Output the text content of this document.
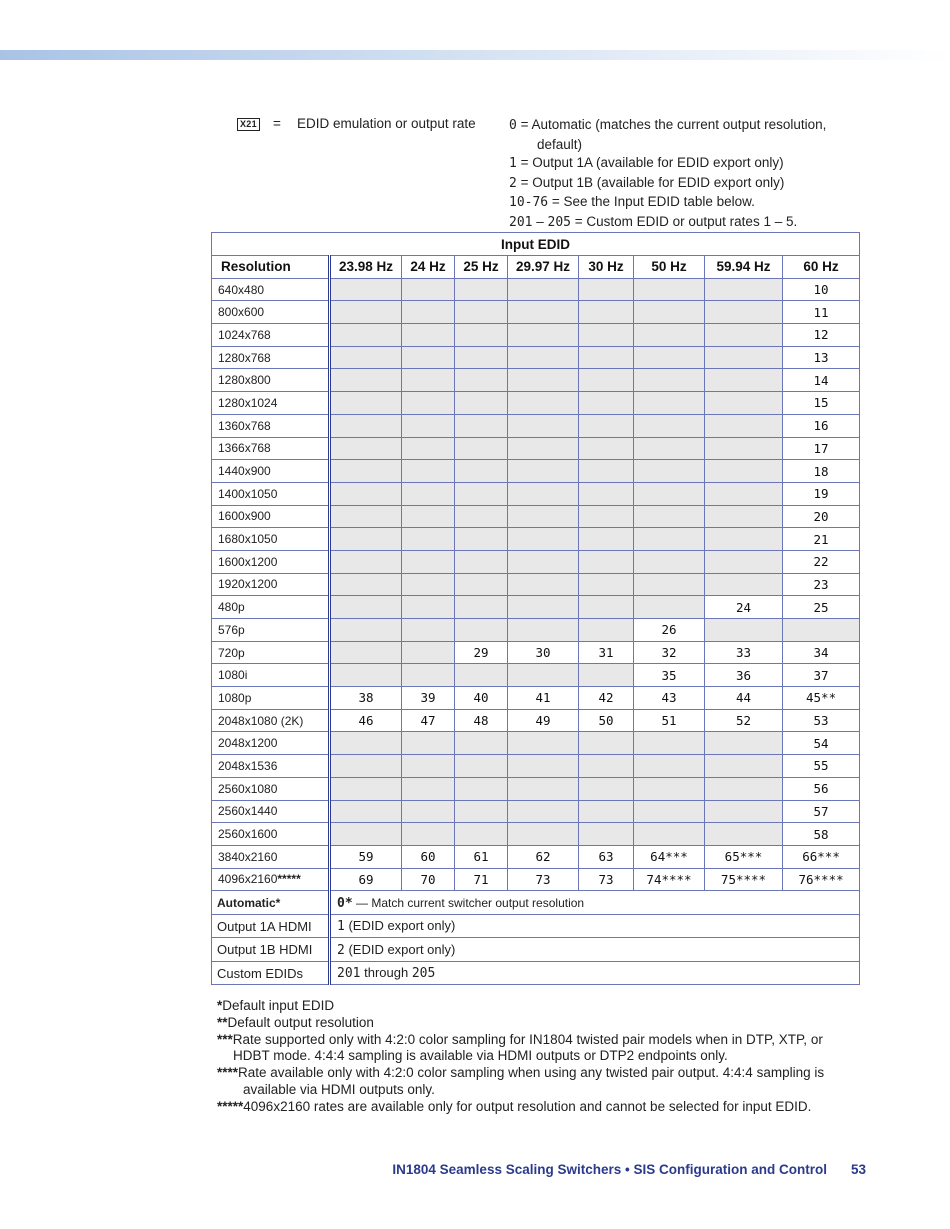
X21 = EDID emulation or output rate	0 = Automatic (matches the current output resolution,
default)
1 = Output 1A (available for EDID export only)
2 = Output 1B (available for EDID export only)
10-76 = See the Input EDID table below.
201 – 205 = Custom EDID or output rates 1 – 5.
Input EDID								
Resolution	23.98 Hz	24 Hz	25 Hz	29.97 Hz	30 Hz	50 Hz	59.94 Hz	60 Hz
640x480								10
800x600								11
1024x768								12
1280x768								13
1280x800								14
1280x1024								15
1360x768								16
1366x768								17
1440x900								18
1400x1050								19
1600x900								20
1680x1050								21
1600x1200								22
1920x1200								23
480p							24	25
576p						26		
720p			29	30	31	32	33	34
1080i						35	36	37
1080p	38	39	40	41	42	43	44	45**
2048x1080 (2K)	46	47	48	49	50	51	52	53
2048x1200								54
2048x1536								55
2560x1080								56
2560x1440								57
2560x1600								58
3840x2160	59	60	61	62	63	64***	65***	66***
4096x2160*****	69	70	71	73	73	74****	75****	76****
Automatic*	0* — Match current switcher output resolution							
Output 1A HDMI	1 (EDID export only)							
Output 1B HDMI	2 (EDID export only)							
Custom EDIDs	201 through 205							
*Default input EDID
**Default output resolution
***Rate supported only with 4:2:0 color sampling for IN1804 twisted pair models when in DTP, XTP, or
HDBT mode. 4:4:4 sampling is available via HDMI outputs or DTP2 endpoints only.
****Rate available only with 4:2:0 color sampling when using any twisted pair output. 4:4:4 sampling is
available via HDMI outputs only.
*****4096x2160 rates are available only for output resolution and cannot be selected for input EDID.
IN1804 Seamless Scaling Switchers • SIS Configuration and Control 53
